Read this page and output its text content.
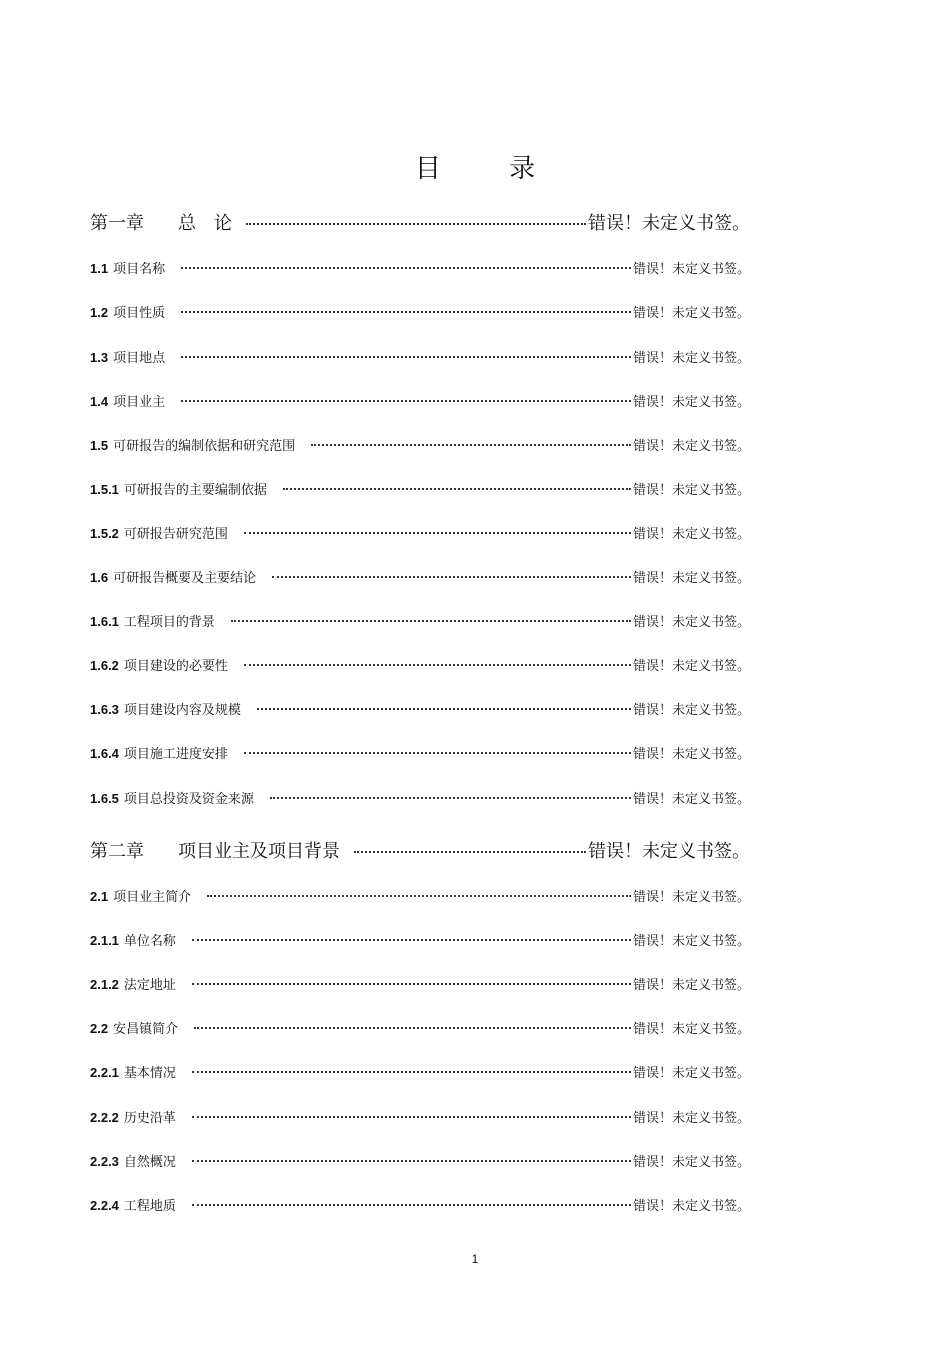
目 录
第一章 总　论	错误！未定义书签。
1.1 项目名称	错误！未定义书签。
1.2 项目性质	错误！未定义书签。
1.3 项目地点	错误！未定义书签。
1.4 项目业主	错误！未定义书签。
1.5 可研报告的编制依据和研究范围	错误！未定义书签。
1.5.1 可研报告的主要编制依据	错误！未定义书签。
1.5.2 可研报告研究范围	错误！未定义书签。
1.6 可研报告概要及主要结论	错误！未定义书签。
1.6.1 工程项目的背景	错误！未定义书签。
1.6.2 项目建设的必要性	错误！未定义书签。
1.6.3 项目建设内容及规模	错误！未定义书签。
1.6.4 项目施工进度安排	错误！未定义书签。
1.6.5 项目总投资及资金来源	错误！未定义书签。
第二章 项目业主及项目背景	错误！未定义书签。
2.1 项目业主简介	错误！未定义书签。
2.1.1 单位名称	错误！未定义书签。
2.1.2 法定地址	错误！未定义书签。
2.2 安昌镇简介	错误！未定义书签。
2.2.1 基本情况	错误！未定义书签。
2.2.2 历史沿革	错误！未定义书签。
2.2.3 自然概况	错误！未定义书签。
2.2.4 工程地质	错误！未定义书签。
1
